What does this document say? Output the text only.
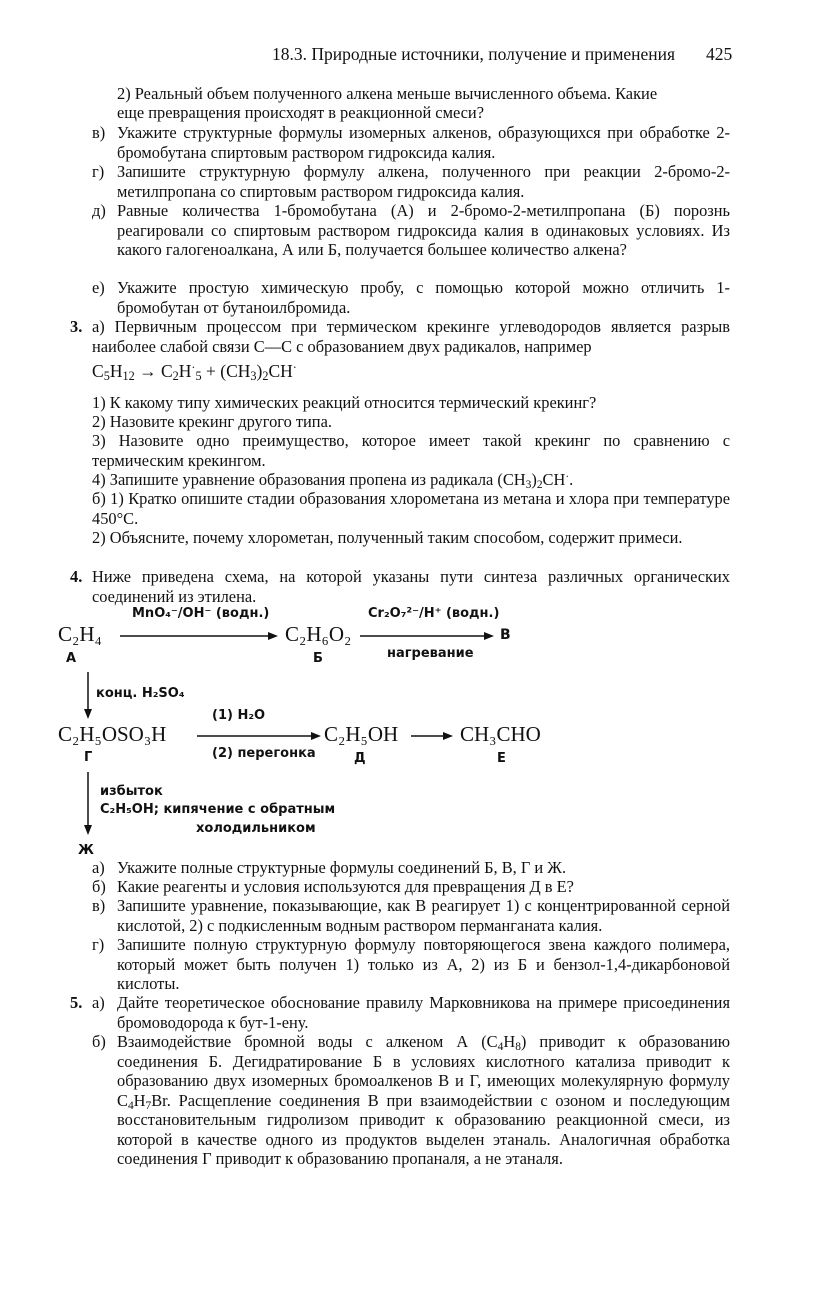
18.3. Природные источники, получение и применения 425
2) Реальный объем полученного алкена меньше вычисленного объема. Какие
еще превращения происходят в реакционной смеси?
в) Укажите структурные формулы изомерных алкенов, образующихся при обработке 2-бромобутана спиртовым раствором гидроксида калия.
г) Запишите структурную формулу алкена, полученного при реакции 2-бромо-2-метилпропана со спиртовым раствором гидроксида калия.
д) Равные количества 1-бромобутана (А) и 2-бромо-2-метилпропана (Б) порознь реагировали со спиртовым раствором гидроксида калия в одинаковых условиях. Из какого галогеноалкана, А или Б, получается большее количество алкена?
е) Укажите простую химическую пробу, с помощью которой можно отличить 1-бромобутан от бутаноилбромида.
3. а) Первичным процессом при термическом крекинге углеводородов является разрыв наиболее слабой связи С—С с образованием двух радикалов, например
$C_5H_{12} \to C_2H^\cdot_5 + (CH_3)_2CH^\cdot$
1) К какому типу химических реакций относится термический крекинг?
2) Назовите крекинг другого типа.
3) Назовите одно преимущество, которое имеет такой крекинг по сравнению с термическим крекингом.
4) Запишите уравнение образования пропена из радикала $(CH_3)_2CH^\cdot$.
б) 1) Кратко опишите стадии образования хлорометана из метана и хлора при температуре 450°С.
2) Объясните, почему хлорометан, полученный таким способом, содержит примеси.
4. Ниже приведена схема, на которой указаны пути синтеза различных органических соединений из этилена.
C₂H₄
А
MnO₄⁻/OH⁻ (водн.)
C₂H₆O₂
Б
Cr₂O₇²⁻/H⁺ (водн.)
нагревание
В
конц. H₂SO₄
C₂H₅OSO₃H
Г
(1) H₂O
(2) перегонка
C₂H₅OH
Д
→ CH₃CHO
Е
избыток
C₂H₅OH; кипячение с обратным
холодильником
Ж
а) Укажите полные структурные формулы соединений Б, В, Г и Ж.
б) Какие реагенты и условия используются для превращения Д в Е?
в) Запишите уравнение, показывающие, как В реагирует 1) с концентрированной серной кислотой, 2) с подкисленным водным раствором перманганата калия.
г) Запишите полную структурную формулу повторяющегося звена каждого полимера, который может быть получен 1) только из А, 2) из Б и бензол-1,4-дикарбоновой кислоты.
5. а) Дайте теоретическое обоснование правилу Марковникова на примере присоединения бромоводорода к бут-1-ену.
б) Взаимодействие бромной воды с алкеном А $(C_4H_8)$ приводит к образованию соединения Б. Дегидратирование Б в условиях кислотного катализа приводит к образованию двух изомерных бромоалкенов В и Г, имеющих молекулярную формулу $C_4H_7Br$. Расщепление соединения В при взаимодействии с озоном и последующим восстановительным гидролизом приводит к образованию реакционной смеси, из которой в качестве одного из продуктов выделен этаналь. Аналогичная обработка соединения Г приводит к образованию пропаналя, а не этаналя.
